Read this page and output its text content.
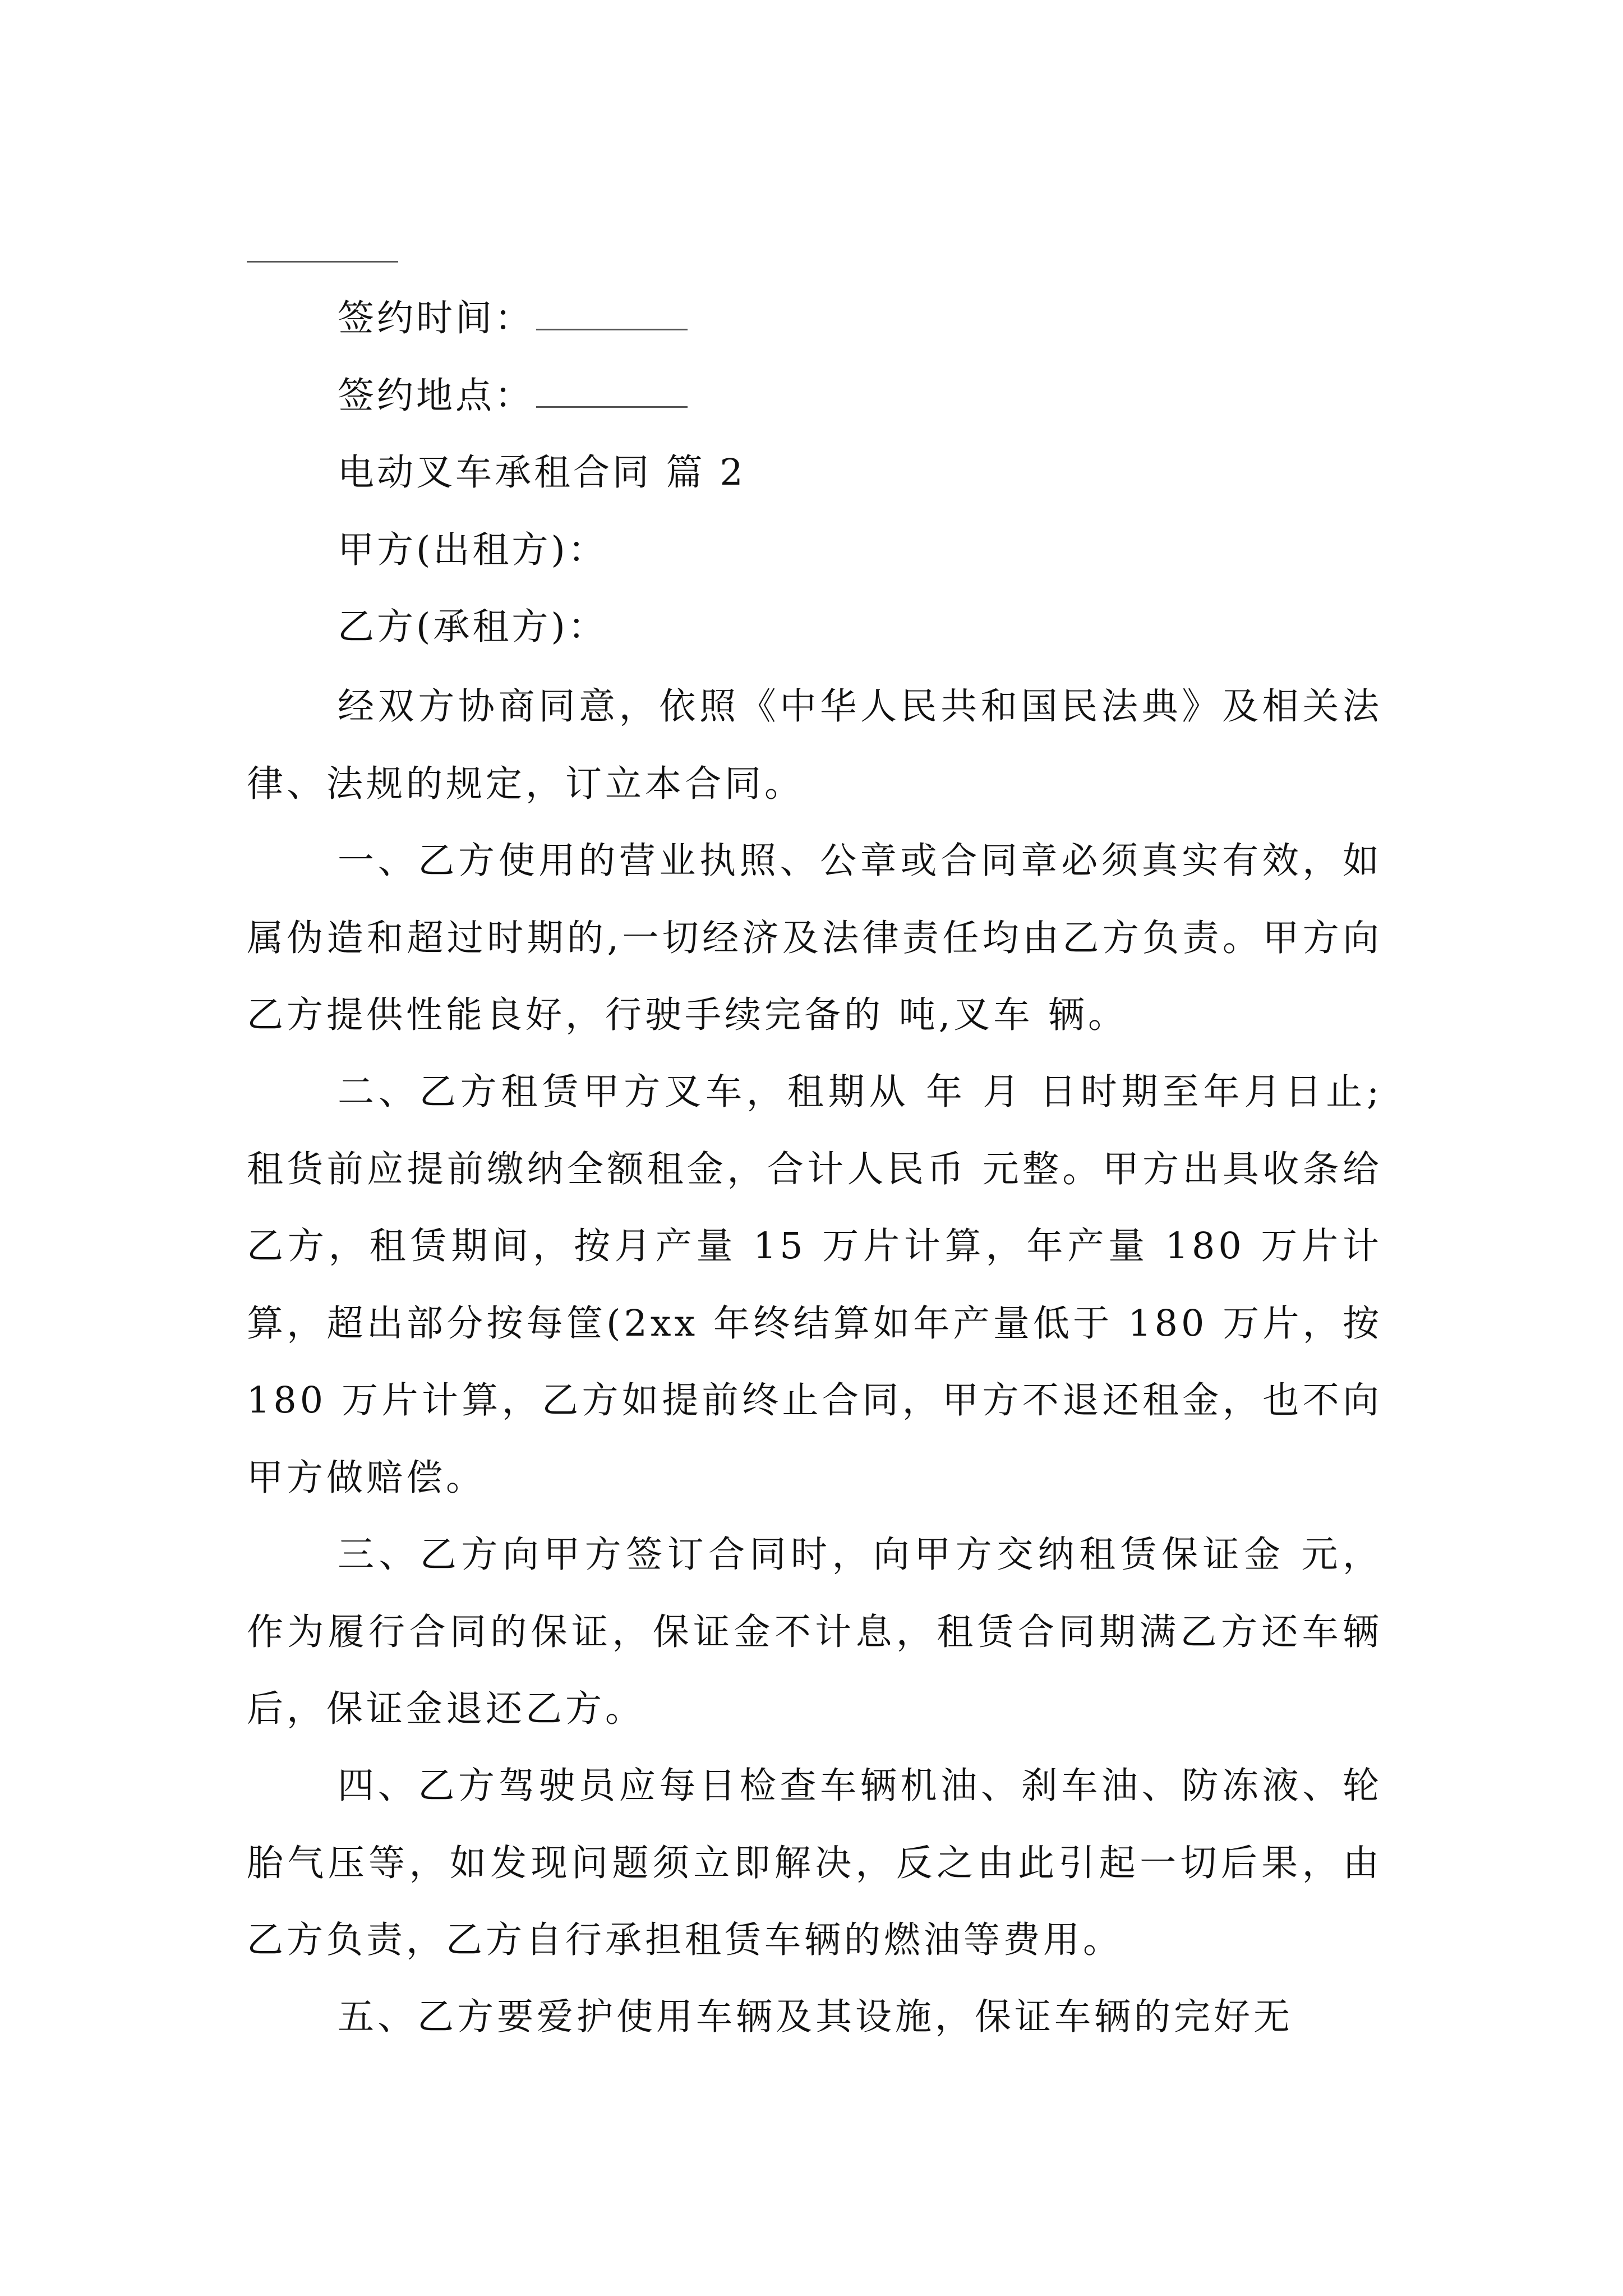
签约时间：
签约地点：
电动叉车承租合同 篇 2
甲方(出租方)：
乙方(承租方)：

经双方协商同意，依照《中华人民共和国民法典》及相关法律、法规的规定，订立本合同。

一、乙方使用的营业执照、公章或合同章必须真实有效，如属伪造和超过时期的,一切经济及法律责任均由乙方负责。甲方向乙方提供性能良好，行驶手续完备的 吨,叉车 辆。

二、乙方租赁甲方叉车，租期从 年 月 日时期至年月日止;租货前应提前缴纳全额租金，合计人民币 元整。甲方出具收条给乙方，租赁期间，按月产量 15 万片计算，年产量 180 万片计算，超出部分按每筐(2xx 年终结算如年产量低于 180 万片，按 180 万片计算，乙方如提前终止合同，甲方不退还租金，也不向甲方做赔偿。

三、乙方向甲方签订合同时，向甲方交纳租赁保证金 元，作为履行合同的保证，保证金不计息，租赁合同期满乙方还车辆后，保证金退还乙方。

四、乙方驾驶员应每日检查车辆机油、刹车油、防冻液、轮胎气压等，如发现问题须立即解决，反之由此引起一切后果，由乙方负责，乙方自行承担租赁车辆的燃油等费用。

五、乙方要爱护使用车辆及其设施，保证车辆的完好无
